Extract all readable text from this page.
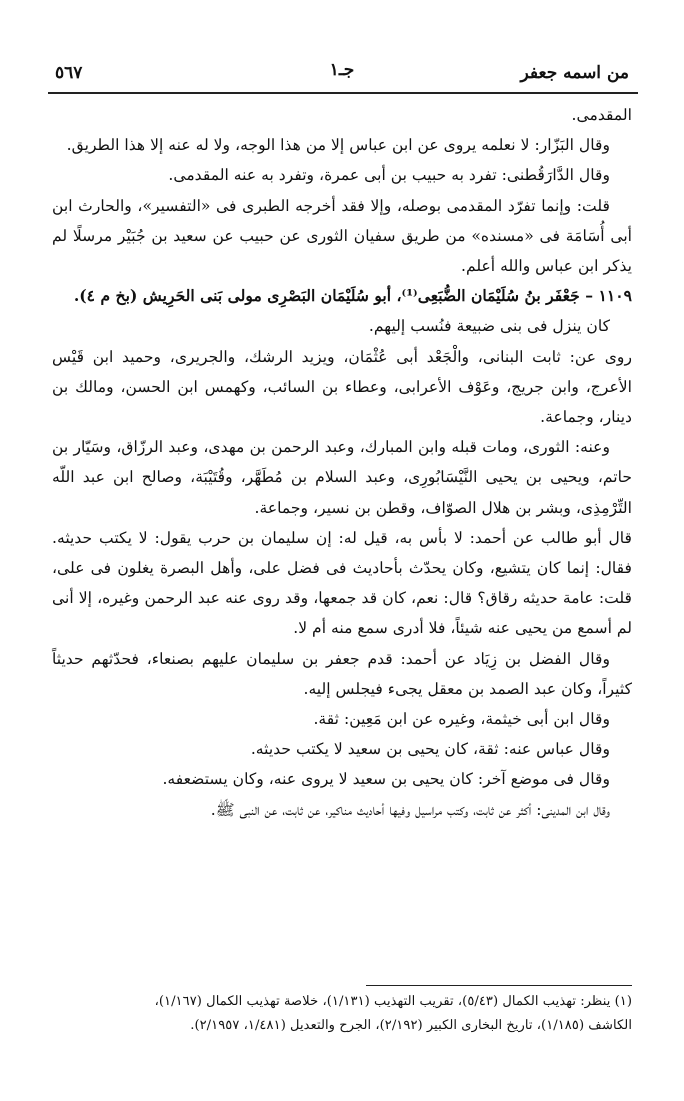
من اسمه جعفر
جـ١
٥٦٧

المقدمى.

وقال البَزّار: لا نعلمه يروى عن ابن عباس إلا من هذا الوجه، ولا له عنه إلا هذا الطريق.

وقال الدَّارَقُطنى: تفرد به حبيب بن أبى عمرة، وتفرد به عنه المقدمى.

قلت: وإنما تفرّد المقدمى بوصله، وإلا فقد أخرجه الطبرى فى «التفسير»، والحارث ابن أبى أُسَامَة فى «مسنده» من طريق سفيان الثورى عن حبيب عن سعيد بن جُبَيْر مرسلًا لم يذكر ابن عباس والله أعلم.

١١٠٩ – جَعْفَر بنُ سُلَيْمَان الضُّبَعِى⁽¹⁾، أبو سُلَيْمَان البَصْرِى مولى بَنى الحَرِيش (بخ م ٤).

كان ينزل فى بنى ضبيعة فنُسب إليهم.

روى عن: ثابت البنانى، والْجَعْد أبى عُثْمَان، ويزيد الرشك، والجريرى، وحميد ابن قَيْس الأعرج، وابن جريج، وعَوْف الأعرابى، وعطاء بن السائب، وكهمس ابن الحسن، ومالك بن دينار، وجماعة.

وعنه: الثورى، ومات قبله وابن المبارك، وعبد الرحمن بن مهدى، وعبد الرزّاق، وسَيّار بن حاتم، ويحيى بن يحيى النَّيْسَابُورِى، وعبد السلام بن مُطَهَّر، وقُتَيْبَة، وصالح ابن عبد اللّه التِّرْمِذِى، وبشر بن هلال الصوّاف، وقطن بن نسير، وجماعة.

قال أبو طالب عن أحمد: لا بأس به، قيل له: إن سليمان بن حرب يقول: لا يكتب حديثه. فقال: إنما كان يتشيع، وكان يحدّث بأحاديث فى فضل على، وأهل البصرة يغلون فى على، قلت: عامة حديثه رقاق؟ قال: نعم، كان قد جمعها، وقد روى عنه عبد الرحمن وغيره، إلا أنى لم أسمع من يحيى عنه شيئاً، فلا أدرى سمع منه أم لا.

وقال الفضل بن زِيَاد عن أحمد: قدم جعفر بن سليمان عليهم بصنعاء، فحدّثهم حديثاً كثيراً، وكان عبد الصمد بن معقل يجىء فيجلس إليه.

وقال ابن أبى خيثمة، وغيره عن ابن مَعِين: ثقة.

وقال عباس عنه: ثقة، كان يحيى بن سعيد لا يكتب حديثه.

وقال فى موضع آخر: كان يحيى بن سعيد لا يروى عنه، وكان يستضعفه.

وقال ابن المدينى: أكثر عن ثابت، وكتب مراسيل وفيها أحاديث مناكير، عن ثابت، عن النبى ﷺ.

(١) ينظر: تهذيب الكمال (٥/٤٣)، تقريب التهذيب (١/١٣١)، خلاصة تهذيب الكمال (١/١٦٧)،

الكاشف (١/١٨٥)، تاريخ البخارى الكبير (٢/١٩٢)، الجرح والتعديل (١/٤٨١، ٢/١٩٥٧).
